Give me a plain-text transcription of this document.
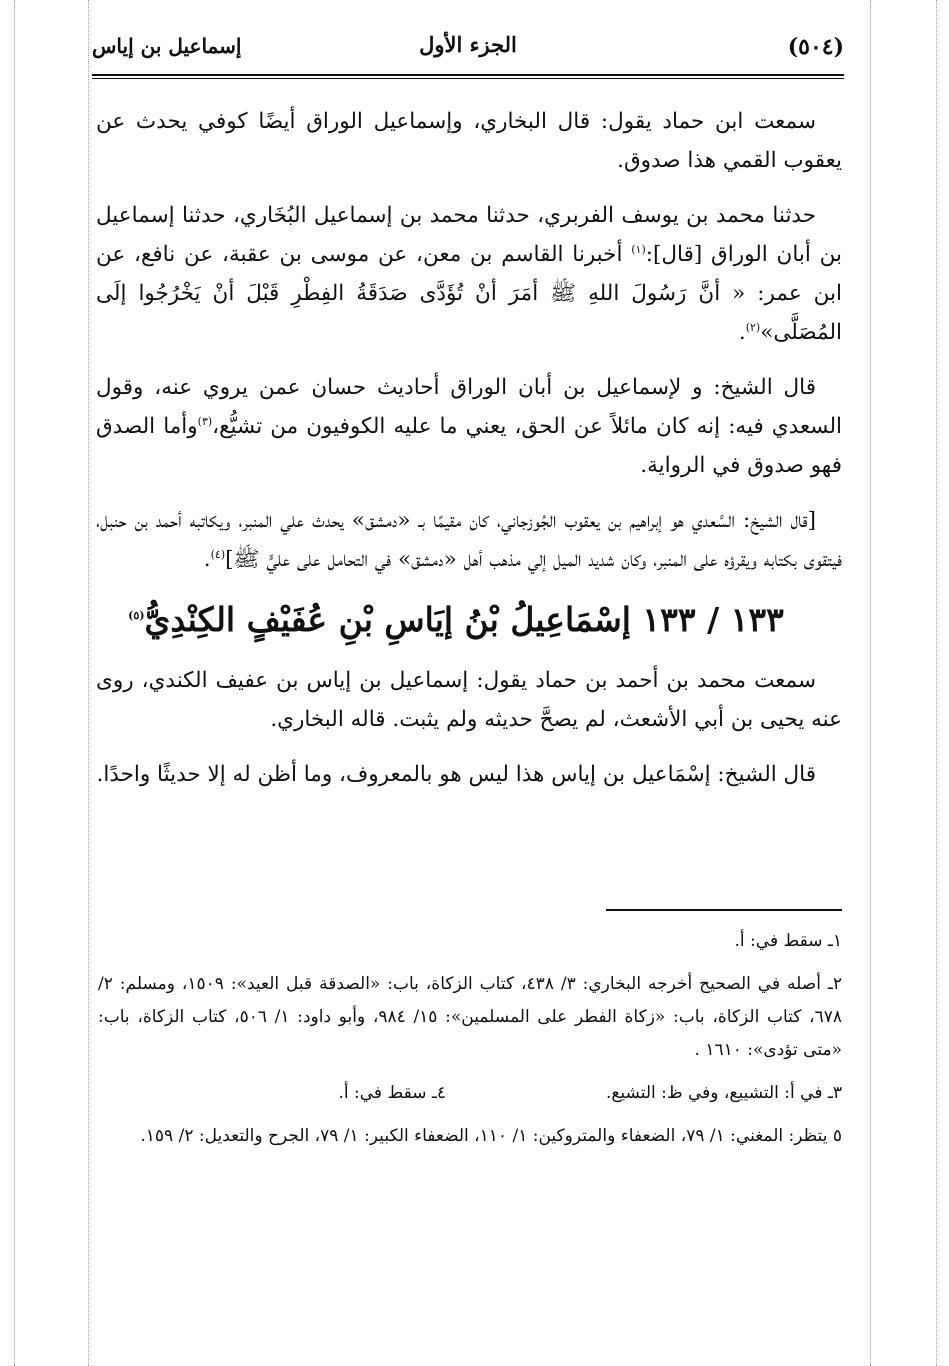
(٥٠٤)
الجزء الأول
إسماعيل بن إياس

سمعت ابن حماد يقول: قال البخاري، وإسماعيل الوراق أيضًا كوفي يحدث عن يعقوب القمي هذا صدوق.

حدثنا محمد بن يوسف الفربري، حدثنا محمد بن إسماعيل البُخَاري، حدثنا إسماعيل بن أبان الوراق [قال]:$^{(١)}$ أخبرنا القاسم بن معن، عن موسى بن عقبة، عن نافع، عن ابن عمر: « أنَّ رَسُولَ اللهِ ﷺ أمَرَ أنْ تُؤَدَّى صَدَقَةُ الفِطْرِ قَبْلَ أنْ يَخْرُجُوا إلَى المُصَلَّى»$^{(٢)}$.

قال الشيخ: و لإسماعيل بن أبان الوراق أحاديث حسان عمن يروي عنه، وقول السعدي فيه: إنه كان مائلاً عن الحق، يعني ما عليه الكوفيون من تشيُّع،$^{(٣)}$وأما الصدق فهو صدوق في الرواية.

[قال الشيخ: السَّعدي هو إبراهيم بن يعقوب الجُوزجاني، كان مقيمًا بـ «دمشق» يحدث علي المنبر، ويكاتبه أحمد بن حنبل، فيتقوى بكتابه ويقرؤه على المنبر، وكان شديد الميل إلي مذهب أهل «دمشق» في التحامل على عليٍّ ﷺ]$^{(٤)}$.

١٣٣ / ١٣٣ إسْمَاعِيلُ بْنُ إيَاسِ بْنِ عُفَيْفٍ الكِنْدِيُّ$^{(٥)}$

سمعت محمد بن أحمد بن حماد يقول: إسماعيل بن إياس بن عفيف الكندي، روى عنه يحيى بن أبي الأشعث، لم يصحَّ حديثه ولم يثبت. قاله البخاري.

قال الشيخ: إسْمَاعيل بن إياس هذا ليس هو بالمعروف، وما أظن له إلا حديثًا واحدًا.

١ـ سقط في: أ.

٢ـ أصله في الصحيح أخرجه البخاري: ٣/ ٤٣٨، كتاب الزكاة، باب: «الصدقة قبل العيد»: ١٥٠٩، ومسلم: ٢/ ٦٧٨، كتاب الزكاة، باب: «زكاة الفطر على المسلمين»: ١٥/ ٩٨٤، وأبو داود: ١/ ٥٠٦، كتاب الزكاة، باب: «متى تؤدى»: ١٦١٠ .

٣ـ في أ: التشييع، وفي ظ: التشيع.
٤ـ سقط في: أ.

٥ يتظر: المغني: ١/ ٧٩، الضعفاء والمتروكين: ١/ ١١٠، الضعفاء الكبير: ١/ ٧٩، الجرح والتعديل: ٢/ ١٥٩.
